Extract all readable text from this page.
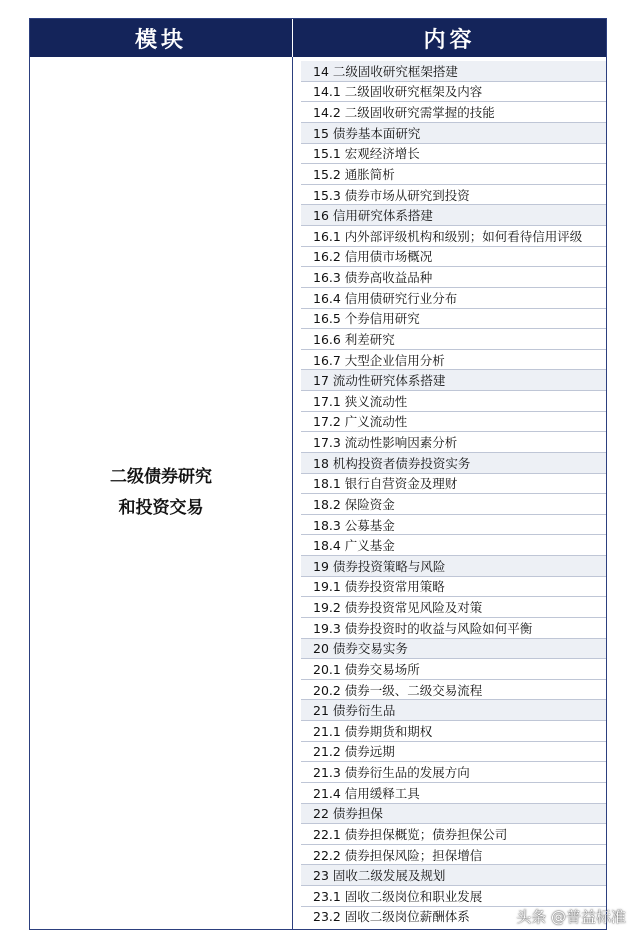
模块	内容
二级债券研究
和投资交易
14 二级固收研究框架搭建
14.1 二级固收研究框架及内容
14.2 二级固收研究需掌握的技能
15 债券基本面研究
15.1 宏观经济增长
15.2 通胀简析
15.3 债券市场从研究到投资
16 信用研究体系搭建
16.1 内外部评级机构和级别；如何看待信用评级
16.2 信用债市场概况
16.3 债券高收益品种
16.4 信用债研究行业分布
16.5 个券信用研究
16.6 利差研究
16.7 大型企业信用分析
17 流动性研究体系搭建
17.1 狭义流动性
17.2 广义流动性
17.3 流动性影响因素分析
18 机构投资者债券投资实务
18.1 银行自营资金及理财
18.2 保险资金
18.3 公募基金
18.4 广义基金
19 债券投资策略与风险
19.1 债券投资常用策略
19.2 债券投资常见风险及对策
19.3 债券投资时的收益与风险如何平衡
20 债券交易实务
20.1 债券交易场所
20.2 债券一级、二级交易流程
21 债券衍生品
21.1 债券期货和期权
21.2 债券远期
21.3 债券衍生品的发展方向
21.4 信用缓释工具
22 债券担保
22.1 债券担保概览；债券担保公司
22.2 债券担保风险；担保增信
23 固收二级发展及规划
23.1 固收二级岗位和职业发展
23.2 固收二级岗位薪酬体系	头条 @普益标准
